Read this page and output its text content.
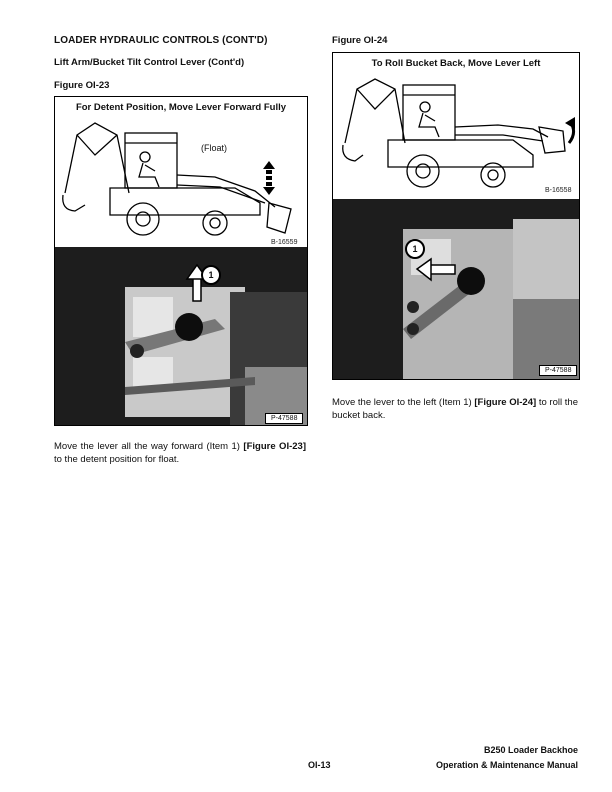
LOADER HYDRAULIC CONTROLS (CONT'D)
Lift Arm/Bucket Tilt Control Lever (Cont'd)
Figure OI-23
For Detent Position, Move Lever Forward Fully
(Float)
B-16559
1
P-47588
Move the lever all the way forward (Item 1) [Figure OI-23] to the detent position for float.
Figure OI-24
To Roll Bucket Back, Move Lever Left
B-16558
1
P-47588
Move the lever to the left (Item 1) [Figure OI-24] to roll the bucket back.
OI-13
B250 Loader Backhoe
Operation & Maintenance Manual
